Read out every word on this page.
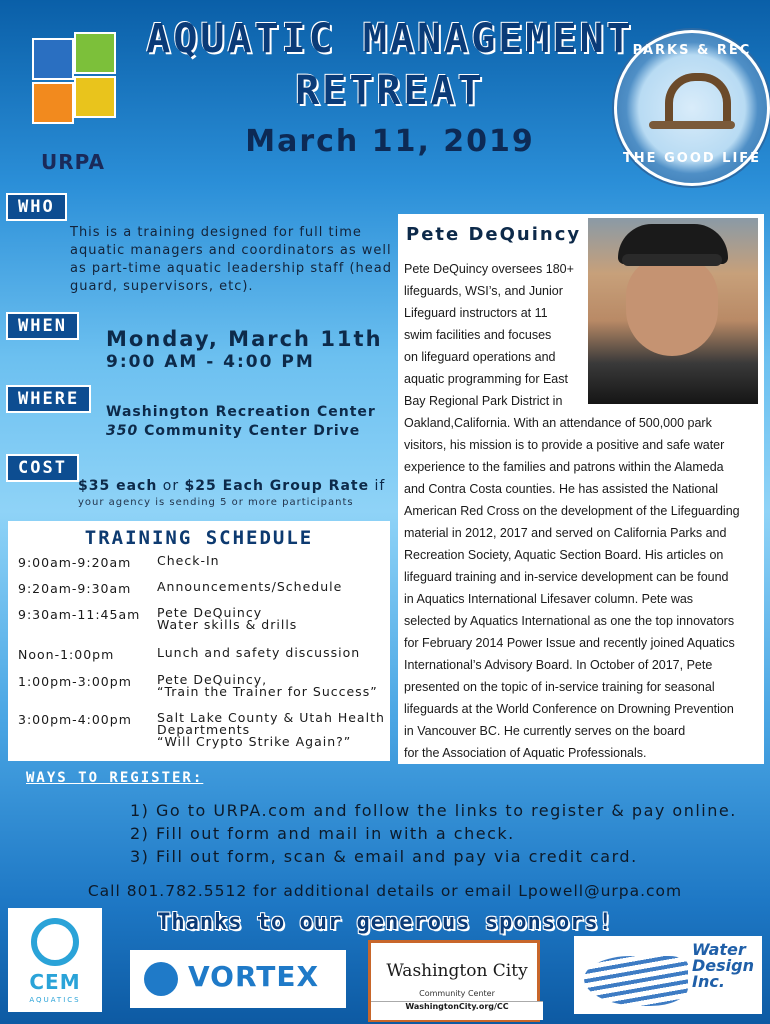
URPA
AQUATIC MANAGEMENT
RETREAT
March 11, 2019
PARKS & REC
THE GOOD LIFE
WHO
This is a training designed for full time aquatic managers and coordinators as well as part-time aquatic leadership staff (head guard, supervisors, etc).
WHEN
Monday, March 11th
9:00 AM - 4:00 PM
WHERE
Washington Recreation Center
350 Community Center Drive
COST
$35 each or $25 Each Group Rate if
your agency is sending 5 or more participants
TRAINING SCHEDULE
9:00am-9:20am Check-In
9:20am-9:30am Announcements/Schedule
9:30am-11:45am Pete DeQuincy
Water skills & drills
Noon-1:00pm	Lunch and safety discussion
1:00pm-3:00pm Pete DeQuincy,
“Train the Trainer for Success”
3:00pm-4:00pm Salt Lake County & Utah Health
Departments
“Will Crypto Strike Again?”
Pete DeQuincy
Pete DeQuincy oversees 180+
lifeguards, WSI’s, and Junior
Lifeguard instructors at 11
swim facilities and focuses
on lifeguard operations and
aquatic programming for East
Bay Regional Park District in
Oakland,California. With an attendance of 500,000 park
visitors, his mission is to provide a positive and safe water
experience to the families and patrons within the Alameda
and Contra Costa counties. He has assisted the National
American Red Cross on the development of the Lifeguarding
material in 2012, 2017 and served on California Parks and
Recreation Society, Aquatic Section Board. His articles on
lifeguard training and in-service development can be found
in Aquatics International Lifesaver column. Pete was
selected by Aquatics International as one the top innovators
for February 2014 Power Issue and recently joined Aquatics
International’s Advisory Board. In October of 2017, Pete
presented on the topic of in-service training for seasonal
lifeguards at the World Conference on Drowning Prevention
in Vancouver BC. He currently serves on the board
for the Association of Aquatic Professionals.
WAYS TO REGISTER:
1) Go to URPA.com and follow the links to register & pay online.
2) Fill out form and mail in with a check.
3) Fill out form, scan & email and pay via credit card.
Call 801.782.5512 for additional details or email Lpowell@urpa.com
Thanks to our generous sponsors!
CEM
AQUATICS
VORTEX	Washington City
Community Center
WashingtonCity.org/CC
Water
Design
Inc.
